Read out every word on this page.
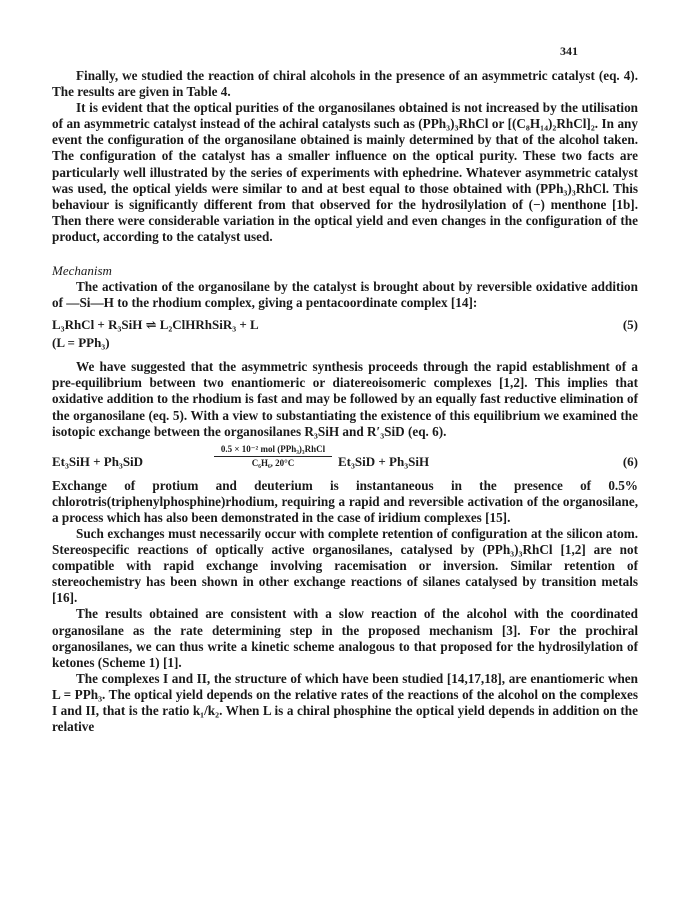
341

Finally, we studied the reaction of chiral alcohols in the presence of an asymmetric catalyst (eq. 4). The results are given in Table 4.

It is evident that the optical purities of the organosilanes obtained is not increased by the utilisation of an asymmetric catalyst instead of the achiral catalysts such as (PPh₃)₃RhCl or [(C₈H₁₄)₂RhCl]₂. In any event the configuration of the organosilane obtained is mainly determined by that of the alcohol taken. The configuration of the catalyst has a smaller influence on the optical purity. These two facts are particularly well illustrated by the series of experiments with ephedrine. Whatever asymmetric catalyst was used, the optical yields were similar to and at best equal to those obtained with (PPh₃)₃RhCl. This behaviour is significantly different from that observed for the hydrosilylation of (−) menthone [1b]. Then there were considerable variation in the optical yield and even changes in the configuration of the product, according to the catalyst used.

Mechanism

The activation of the organosilane by the catalyst is brought about by reversible oxidative addition of —Si—H to the rhodium complex, giving a pentacoordinate complex [14]:

L₃RhCl + R₃SiH ⇌ L₂ClHRhSiR₃ + L	(5)
(L = PPh₃)

We have suggested that the asymmetric synthesis proceeds through the rapid establishment of a pre-equilibrium between two enantiomeric or diatereoisomeric complexes [1,2]. This implies that oxidative addition to the rhodium is fast and may be followed by an equally fast reductive elimination of the organosilane (eq. 5). With a view to substantiating the existence of this equilibrium we examined the isotopic exchange between the organosilanes R₃SiH and R′₃SiD (eq. 6).

Et₃SiH + Ph₃SiD
0.5 × 10⁻² mol (PPh₃)₃RhCl
C₆H₆, 20°C	Et₃SiD + Ph₃SiH	(6)

Exchange of protium and deuterium is instantaneous in the presence of 0.5% chlorotris(triphenylphosphine)rhodium, requiring a rapid and reversible activation of the organosilane, a process which has also been demonstrated in the case of iridium complexes [15].

Such exchanges must necessarily occur with complete retention of configuration at the silicon atom. Stereospecific reactions of optically active organosilanes, catalysed by (PPh₃)₃RhCl [1,2] are not compatible with rapid exchange involving racemisation or inversion. Similar retention of stereochemistry has been shown in other exchange reactions of silanes catalysed by transition metals [16].

The results obtained are consistent with a slow reaction of the alcohol with the coordinated organosilane as the rate determining step in the proposed mechanism [3]. For the prochiral organosilanes, we can thus write a kinetic scheme analogous to that proposed for the hydrosilylation of ketones (Scheme 1) [1].

The complexes I and II, the structure of which have been studied [14,17,18], are enantiomeric when L = PPh₃. The optical yield depends on the relative rates of the reactions of the alcohol on the complexes I and II, that is the ratio k₁/k₂. When L is a chiral phosphine the optical yield depends in addition on the relative
